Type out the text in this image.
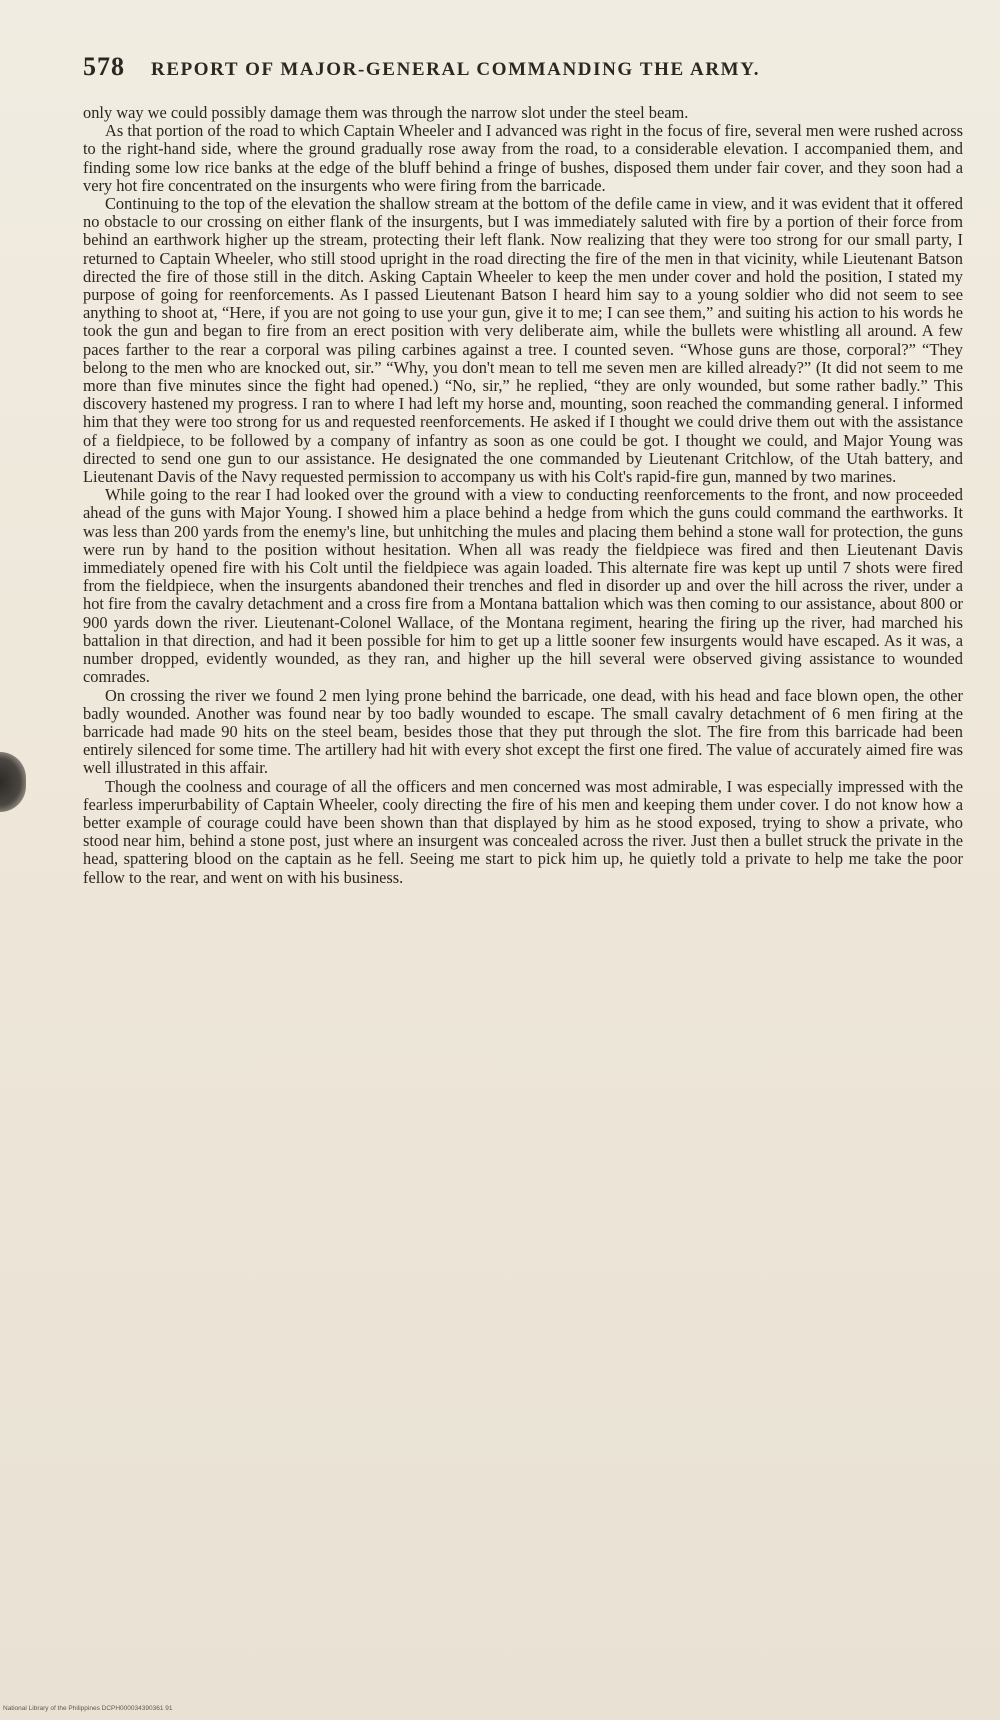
578 REPORT OF MAJOR-GENERAL COMMANDING THE ARMY.

only way we could possibly damage them was through the narrow slot under the steel beam.

As that portion of the road to which Captain Wheeler and I advanced was right in the focus of fire, several men were rushed across to the right-hand side, where the ground gradually rose away from the road, to a considerable elevation. I accompanied them, and finding some low rice banks at the edge of the bluff behind a fringe of bushes, disposed them under fair cover, and they soon had a very hot fire concentrated on the insurgents who were firing from the barricade.

Continuing to the top of the elevation the shallow stream at the bottom of the defile came in view, and it was evident that it offered no obstacle to our crossing on either flank of the insurgents, but I was immediately saluted with fire by a portion of their force from behind an earthwork higher up the stream, protecting their left flank. Now realizing that they were too strong for our small party, I returned to Captain Wheeler, who still stood upright in the road directing the fire of the men in that vicinity, while Lieutenant Batson directed the fire of those still in the ditch. Asking Captain Wheeler to keep the men under cover and hold the position, I stated my purpose of going for reenforcements. As I passed Lieutenant Batson I heard him say to a young soldier who did not seem to see anything to shoot at, “Here, if you are not going to use your gun, give it to me; I can see them,” and suiting his action to his words he took the gun and began to fire from an erect position with very deliberate aim, while the bullets were whistling all around. A few paces farther to the rear a corporal was piling carbines against a tree. I counted seven. “Whose guns are those, corporal?” “They belong to the men who are knocked out, sir.” “Why, you don't mean to tell me seven men are killed already?” (It did not seem to me more than five minutes since the fight had opened.) “No, sir,” he replied, “they are only wounded, but some rather badly.” This discovery hastened my progress. I ran to where I had left my horse and, mounting, soon reached the commanding general. I informed him that they were too strong for us and requested reenforcements. He asked if I thought we could drive them out with the assistance of a fieldpiece, to be followed by a company of infantry as soon as one could be got. I thought we could, and Major Young was directed to send one gun to our assistance. He designated the one commanded by Lieutenant Critchlow, of the Utah battery, and Lieutenant Davis of the Navy requested permission to accompany us with his Colt's rapid-fire gun, manned by two marines.

While going to the rear I had looked over the ground with a view to conducting reenforcements to the front, and now proceeded ahead of the guns with Major Young. I showed him a place behind a hedge from which the guns could command the earthworks. It was less than 200 yards from the enemy's line, but unhitching the mules and placing them behind a stone wall for protection, the guns were run by hand to the position without hesitation. When all was ready the fieldpiece was fired and then Lieutenant Davis immediately opened fire with his Colt until the fieldpiece was again loaded. This alternate fire was kept up until 7 shots were fired from the fieldpiece, when the insurgents abandoned their trenches and fled in disorder up and over the hill across the river, under a hot fire from the cavalry detachment and a cross fire from a Montana battalion which was then coming to our assistance, about 800 or 900 yards down the river. Lieutenant-Colonel Wallace, of the Montana regiment, hearing the firing up the river, had marched his battalion in that direction, and had it been possible for him to get up a little sooner few insurgents would have escaped. As it was, a number dropped, evidently wounded, as they ran, and higher up the hill several were observed giving assistance to wounded comrades.

On crossing the river we found 2 men lying prone behind the barricade, one dead, with his head and face blown open, the other badly wounded. Another was found near by too badly wounded to escape. The small cavalry detachment of 6 men firing at the barricade had made 90 hits on the steel beam, besides those that they put through the slot. The fire from this barricade had been entirely silenced for some time. The artillery had hit with every shot except the first one fired. The value of accurately aimed fire was well illustrated in this affair.

Though the coolness and courage of all the officers and men concerned was most admirable, I was especially impressed with the fearless imperurbability of Captain Wheeler, cooly directing the fire of his men and keeping them under cover. I do not know how a better example of courage could have been shown than that displayed by him as he stood exposed, trying to show a private, who stood near him, behind a stone post, just where an insurgent was concealed across the river. Just then a bullet struck the private in the head, spattering blood on the captain as he fell. Seeing me start to pick him up, he quietly told a private to help me take the poor fellow to the rear, and went on with his business.

National Library of the Philippines DCPH000034390361 91
